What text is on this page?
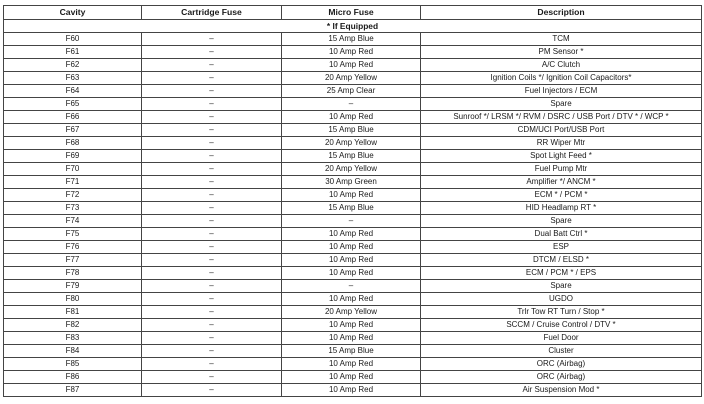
Cavity	Cartridge Fuse	Micro Fuse	Description
* If Equipped			
F60	–	15 Amp Blue	TCM
F61	–	10 Amp Red	PM Sensor *
F62	–	10 Amp Red	A/C Clutch
F63	–	20 Amp Yellow	Ignition Coils */ Ignition Coil Capacitors*
F64	–	25 Amp Clear	Fuel Injectors / ECM
F65	–	–	Spare
F66	–	10 Amp Red	Sunroof */ LRSM */ RVM / DSRC / USB Port / DTV * / WCP *
F67	–	15 Amp Blue	CDM/UCI Port/USB Port
F68	–	20 Amp Yellow	RR Wiper Mtr
F69	–	15 Amp Blue	Spot Light Feed *
F70	–	20 Amp Yellow	Fuel Pump Mtr
F71	–	30 Amp Green	Amplifier */ ANCM *
F72	–	10 Amp Red	ECM * / PCM *
F73	–	15 Amp Blue	HID Headlamp RT *
F74	–	–	Spare
F75	–	10 Amp Red	Dual Batt Ctrl *
F76	–	10 Amp Red	ESP
F77	–	10 Amp Red	DTCM / ELSD *
F78	–	10 Amp Red	ECM / PCM * / EPS
F79	–	–	Spare
F80	–	10 Amp Red	UGDO
F81	–	20 Amp Yellow	Trlr Tow RT Turn / Stop *
F82	–	10 Amp Red	SCCM / Cruise Control / DTV *
F83	–	10 Amp Red	Fuel Door
F84	–	15 Amp Blue	Cluster
F85	–	10 Amp Red	ORC (Airbag)
F86	–	10 Amp Red	ORC (Airbag)
F87	–	10 Amp Red	Air Suspension Mod *
